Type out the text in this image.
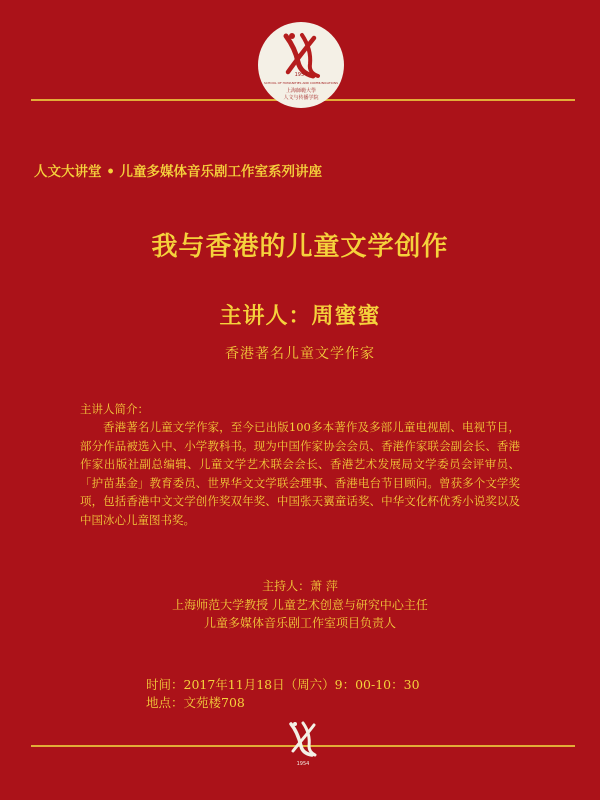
1954
SCHOOL OF HUMANITIES AND COMMUNICATIONS
上海師範大學
人文与传播学院
人文大讲堂 • 儿童多媒体音乐剧工作室系列讲座
我与香港的儿童文学创作
主讲人：周蜜蜜
香港著名儿童文学作家
主讲人简介：
香港著名儿童文学作家，至今已出版100多本著作及多部儿童电视剧、电视节目，部分作品被选入中、小学教科书。现为中国作家协会会员、香港作家联会副会长、香港作家出版社副总编辑、儿童文学艺术联会会长、香港艺术发展局文学委员会评审员、「护苗基金」教育委员、世界华文文学联会理事、香港电台节目顾问。曾获多个文学奖项，包括香港中文文学创作奖双年奖、中国张天翼童话奖、中华文化杯优秀小说奖以及中国冰心儿童图书奖。
主持人：萧 萍
上海师范大学教授 儿童艺术创意与研究中心主任
儿童多媒体音乐剧工作室项目负责人
时间：2017年11月18日（周六）9：00-10：30
地点：文苑楼708
1954
